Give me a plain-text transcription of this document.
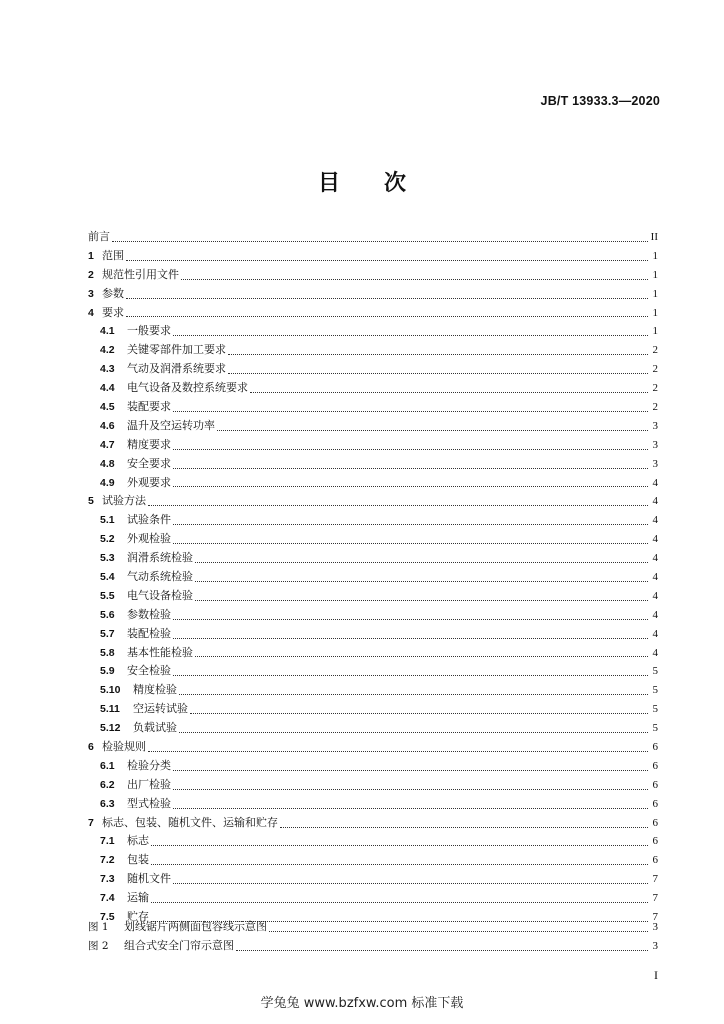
JB/T 13933.3—2020
目 次
前言	II
1 范围	1
2 规范性引用文件	1
3 参数	1
4 要求	1
4.1 一般要求	1
4.2 关键零部件加工要求	2
4.3 气动及润滑系统要求	2
4.4 电气设备及数控系统要求	2
4.5 装配要求	2
4.6 温升及空运转功率	3
4.7 精度要求	3
4.8 安全要求	3
4.9 外观要求	4
5 试验方法	4
5.1 试验条件	4
5.2 外观检验	4
5.3 润滑系统检验	4
5.4 气动系统检验	4
5.5 电气设备检验	4
5.6 参数检验	4
5.7 装配检验	4
5.8 基本性能检验	4
5.9 安全检验	5
5.10 精度检验	5
5.11 空运转试验	5
5.12 负载试验	5
6 检验规则	6
6.1 检验分类	6
6.2 出厂检验	6
6.3 型式检验	6
7 标志、包装、随机文件、运输和贮存	6
7.1 标志	6
7.2 包装	6
7.3 随机文件	7
7.4 运输	7
7.5 贮存	7
图 1 划线锯片两侧面包容线示意图	3
图 2 组合式安全门帘示意图	3
I
学兔兔 www.bzfxw.com 标准下载
